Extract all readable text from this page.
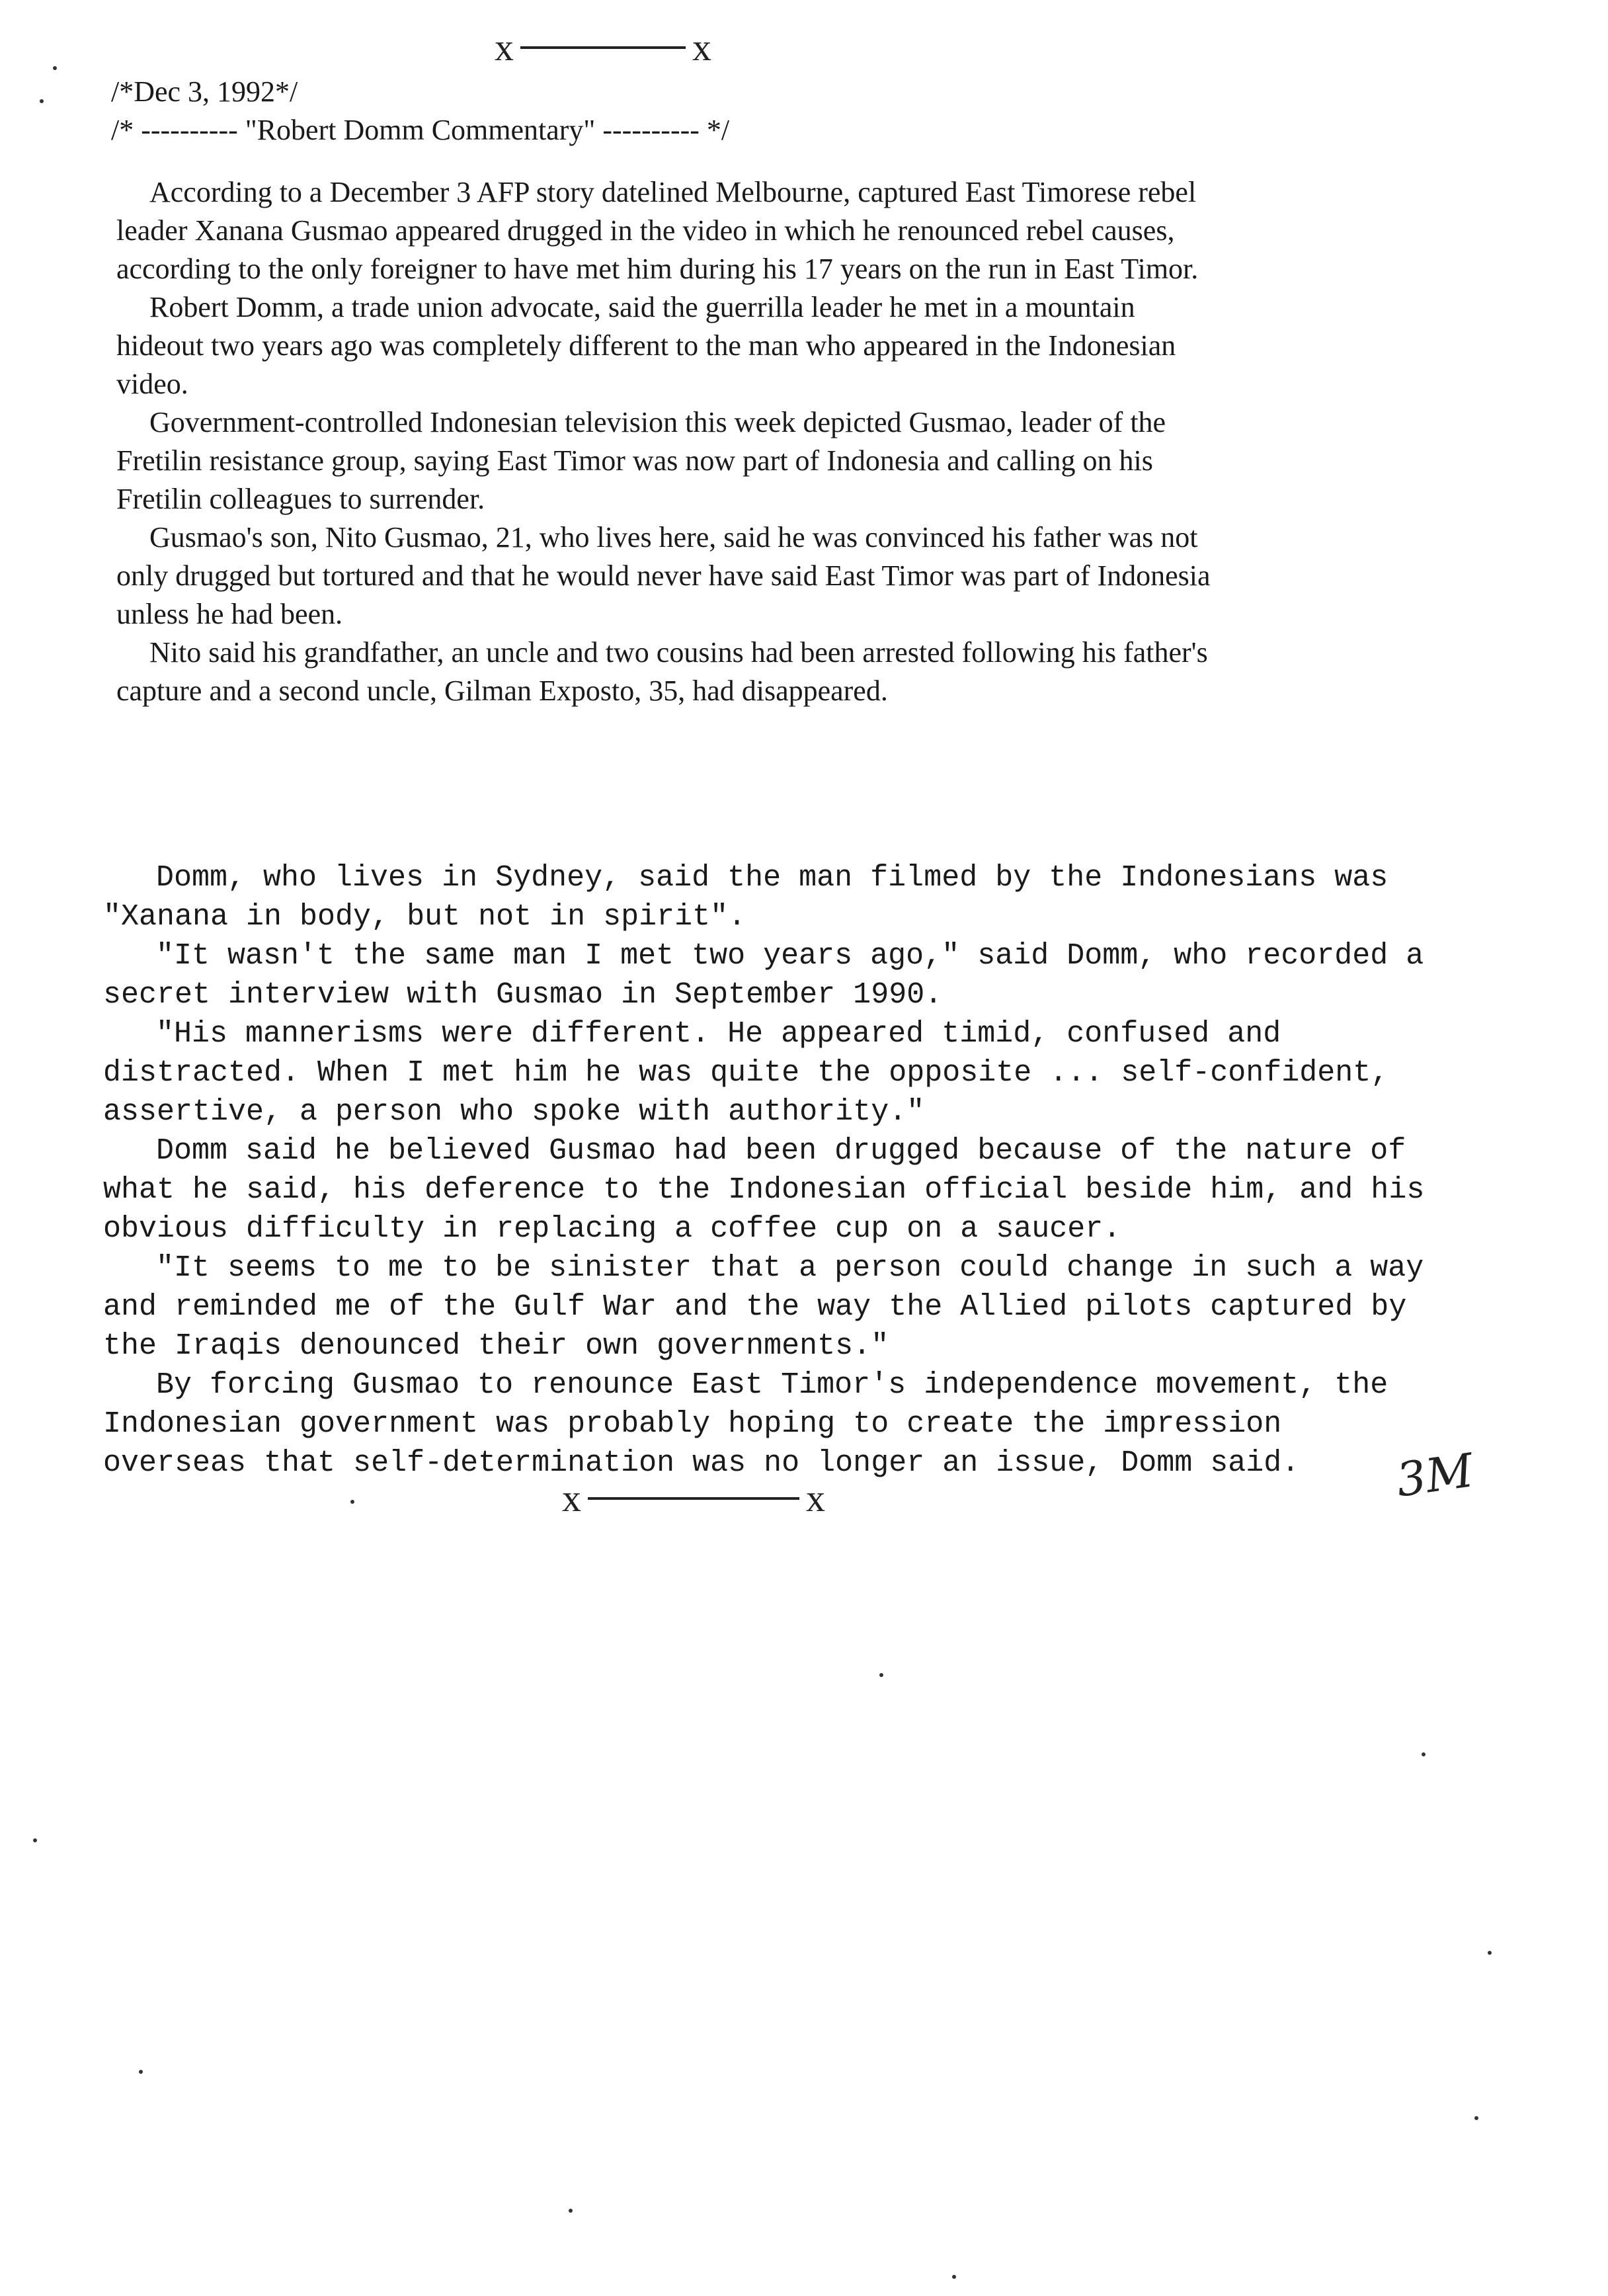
x	x
/*Dec 3, 1992*/
/* ---------- "Robert Domm Commentary" ---------- */

According to a December 3 AFP story datelined Melbourne, captured East Timorese rebel leader Xanana Gusmao appeared drugged in the video in which he renounced rebel causes, according to the only foreigner to have met him during his 17 years on the run in East Timor.

Robert Domm, a trade union advocate, said the guerrilla leader he met in a mountain hideout two years ago was completely different to the man who appeared in the Indonesian video.

Government-controlled Indonesian television this week depicted Gusmao, leader of the Fretilin resistance group, saying East Timor was now part of Indonesia and calling on his Fretilin colleagues to surrender.

Gusmao's son, Nito Gusmao, 21, who lives here, said he was convinced his father was not only drugged but tortured and that he would never have said East Timor was part of Indonesia unless he had been.

Nito said his grandfather, an uncle and two cousins had been arrested following his father's capture and a second uncle, Gilman Exposto, 35, had disappeared.

Domm, who lives in Sydney, said the man filmed by the Indonesians was "Xanana in body, but not in spirit".

"It wasn't the same man I met two years ago," said Domm, who recorded a secret interview with Gusmao in September 1990.

"His mannerisms were different. He appeared timid, confused and distracted. When I met him he was quite the opposite ... self-confident, assertive, a person who spoke with authority."

Domm said he believed Gusmao had been drugged because of the nature of what he said, his deference to the Indonesian official beside him, and his obvious difficulty in replacing a coffee cup on a saucer.

"It seems to me to be sinister that a person could change in such a way and reminded me of the Gulf War and the way the Allied pilots captured by the Iraqis denounced their own governments."

By forcing Gusmao to renounce East Timor's independence movement, the Indonesian government was probably hoping to create the impression overseas that self-determination was no longer an issue, Domm said.	3M
x	x
